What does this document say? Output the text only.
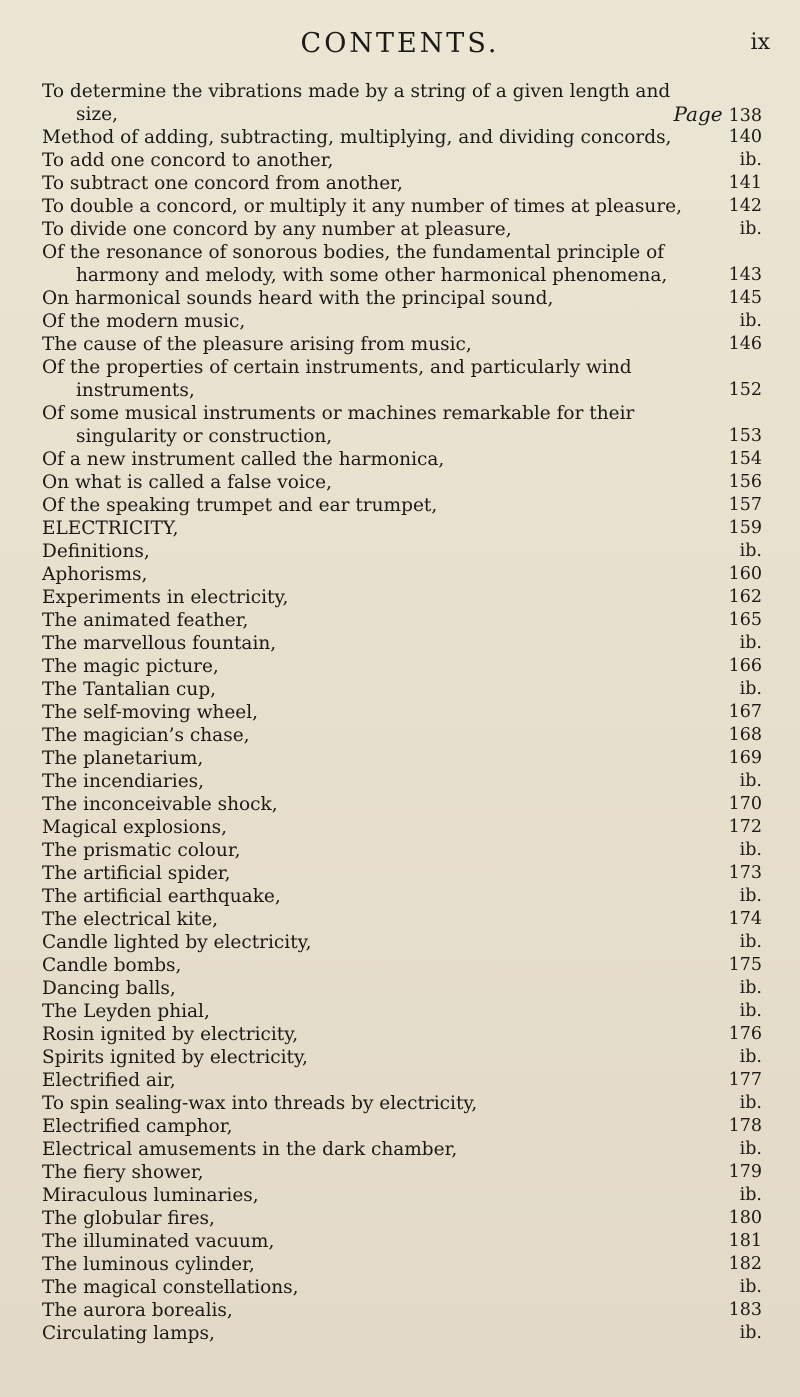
CONTENTS.	ix
To determine the vibrations made by a string of a given length and
size,	Page 138
Method of adding, subtracting, multiplying, and dividing concords,	140
To add one concord to another,	ib.
To subtract one concord from another,	141
To double a concord, or multiply it any number of times at pleasure,	142
To divide one concord by any number at pleasure,	ib.
Of the resonance of sonorous bodies, the fundamental principle of
harmony and melody, with some other harmonical phenomena,	143
On harmonical sounds heard with the principal sound,	145
Of the modern music,	ib.
The cause of the pleasure arising from music,	146
Of the properties of certain instruments, and particularly wind
instruments,	152
Of some musical instruments or machines remarkable for their
singularity or construction,	153
Of a new instrument called the harmonica,	154
On what is called a false voice,	156
Of the speaking trumpet and ear trumpet,	157
ELECTRICITY,	159
Definitions,	ib.
Aphorisms,	160
Experiments in electricity,	162
The animated feather,	165
The marvellous fountain,	ib.
The magic picture,	166
The Tantalian cup,	ib.
The self-moving wheel,	167
The magician’s chase,	168
The planetarium,	169
The incendiaries,	ib.
The inconceivable shock,	170
Magical explosions,	172
The prismatic colour,	ib.
The artificial spider,	173
The artificial earthquake,	ib.
The electrical kite,	174
Candle lighted by electricity,	ib.
Candle bombs,	175
Dancing balls,	ib.
The Leyden phial,	ib.
Rosin ignited by electricity,	176
Spirits ignited by electricity,	ib.
Electrified air,	177
To spin sealing-wax into threads by electricity,	ib.
Electrified camphor,	178
Electrical amusements in the dark chamber,	ib.
The fiery shower,	179
Miraculous luminaries,	ib.
The globular fires,	180
The illuminated vacuum,	181
The luminous cylinder,	182
The magical constellations,	ib.
The aurora borealis,	183
Circulating lamps,	ib.
